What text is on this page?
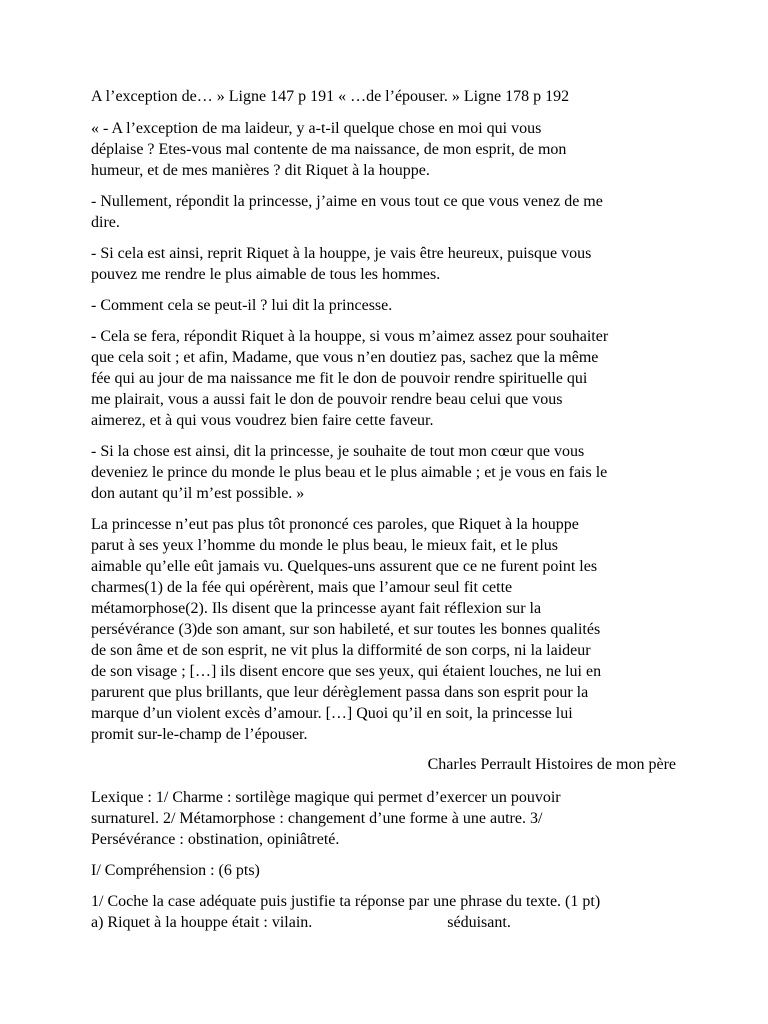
A l’exception de… » Ligne 147 p 191 « …de l’épouser. » Ligne 178 p 192

« - A l’exception de ma laideur, y a-t-il quelque chose en moi qui vous
déplaise ? Etes-vous mal contente de ma naissance, de mon esprit, de mon
humeur, et de mes manières ? dit Riquet à la houppe.

- Nullement, répondit la princesse, j’aime en vous tout ce que vous venez de me
dire.

- Si cela est ainsi, reprit Riquet à la houppe, je vais être heureux, puisque vous
pouvez me rendre le plus aimable de tous les hommes.

- Comment cela se peut-il ? lui dit la princesse.

- Cela se fera, répondit Riquet à la houppe, si vous m’aimez assez pour souhaiter
que cela soit ; et afin, Madame, que vous n’en doutiez pas, sachez que la même
fée qui au jour de ma naissance me fit le don de pouvoir rendre spirituelle qui
me plairait, vous a aussi fait le don de pouvoir rendre beau celui que vous
aimerez, et à qui vous voudrez bien faire cette faveur.

- Si la chose est ainsi, dit la princesse, je souhaite de tout mon cœur que vous
deveniez le prince du monde le plus beau et le plus aimable ; et je vous en fais le
don autant qu’il m’est possible. »

La princesse n’eut pas plus tôt prononcé ces paroles, que Riquet à la houppe
parut à ses yeux l’homme du monde le plus beau, le mieux fait, et le plus
aimable qu’elle eût jamais vu. Quelques-uns assurent que ce ne furent point les
charmes(1) de la fée qui opérèrent, mais que l’amour seul fit cette
métamorphose(2). Ils disent que la princesse ayant fait réflexion sur la
persévérance (3)de son amant, sur son habileté, et sur toutes les bonnes qualités
de son âme et de son esprit, ne vit plus la difformité de son corps, ni la laideur
de son visage ; […] ils disent encore que ses yeux, qui étaient louches, ne lui en
parurent que plus brillants, que leur dérèglement passa dans son esprit pour la
marque d’un violent excès d’amour. […] Quoi qu’il en soit, la princesse lui
promit sur-le-champ de l’épouser.

Charles Perrault Histoires de mon père

Lexique : 1/ Charme : sortilège magique qui permet d’exercer un pouvoir
surnaturel. 2/ Métamorphose : changement d’une forme à une autre. 3/
Persévérance : obstination, opiniâtreté.

I/ Compréhension : (6 pts)

1/ Coche la case adéquate puis justifie ta réponse par une phrase du texte. (1 pt)
a) Riquet à la houppe était : vilain.	séduisant.
